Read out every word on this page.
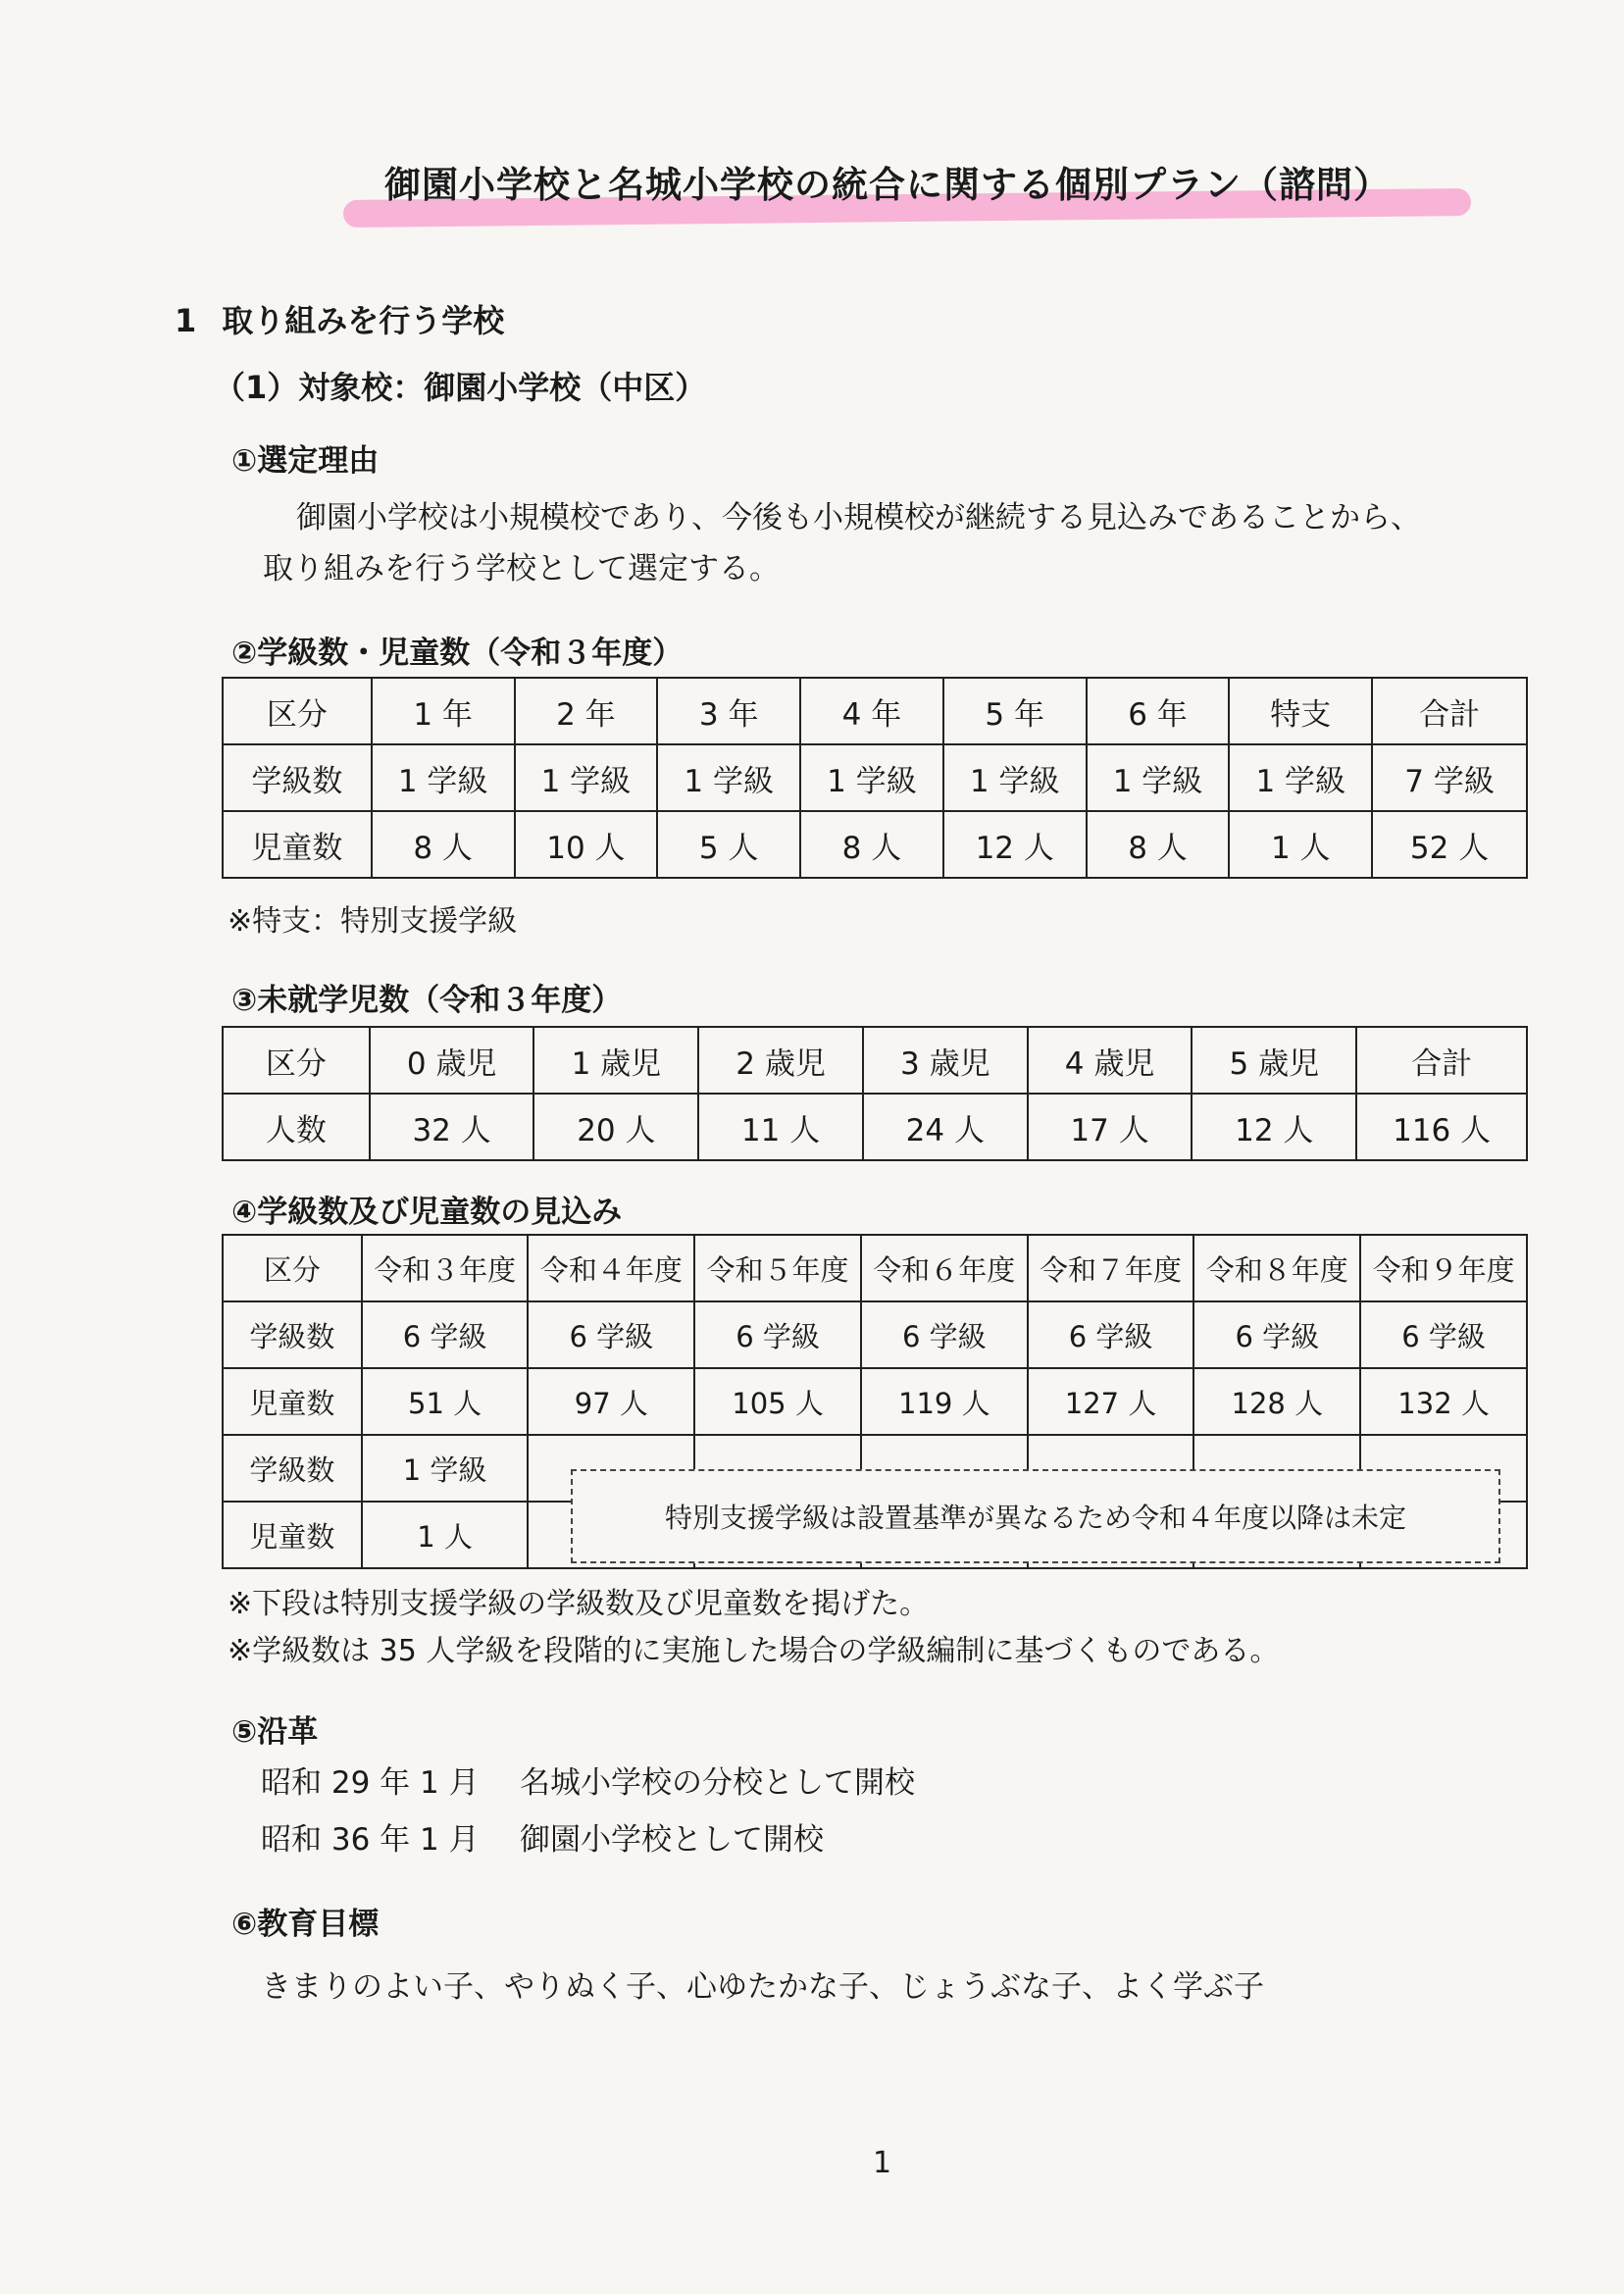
御園小学校と名城小学校の統合に関する個別プラン（諮問）
1 取り組みを行う学校
（1）対象校：御園小学校（中区）
①選定理由
御園小学校は小規模校であり、今後も小規模校が継続する見込みであることから、
取り組みを行う学校として選定する。
②学級数・児童数（令和３年度）
区分	1 年	2 年	3 年	4 年	5 年	6 年	特支	合計
学級数	1 学級	1 学級	1 学級	1 学級	1 学級	1 学級	1 学級	7 学級
児童数	8 人	10 人	5 人	8 人	12 人	8 人	1 人	52 人
※特支：特別支援学級
③未就学児数（令和３年度）
区分	0 歳児	1 歳児	2 歳児	3 歳児	4 歳児	5 歳児	合計
人数	32 人	20 人	11 人	24 人	17 人	12 人	116 人
④学級数及び児童数の見込み
区分	令和３年度	令和４年度	令和５年度	令和６年度	令和７年度	令和８年度	令和９年度
学級数	6 学級	6 学級	6 学級	6 学級	6 学級	6 学級	6 学級
児童数	51 人	97 人	105 人	119 人	127 人	128 人	132 人
学級数	1 学級						
児童数	1 人						
特別支援学級は設置基準が異なるため令和４年度以降は未定
※下段は特別支援学級の学級数及び児童数を掲げた。
※学級数は 35 人学級を段階的に実施した場合の学級編制に基づくものである。
⑤沿革
昭和 29 年 1 月 名城小学校の分校として開校
昭和 36 年 1 月 御園小学校として開校
⑥教育目標
きまりのよい子、やりぬく子、心ゆたかな子、じょうぶな子、よく学ぶ子
1
